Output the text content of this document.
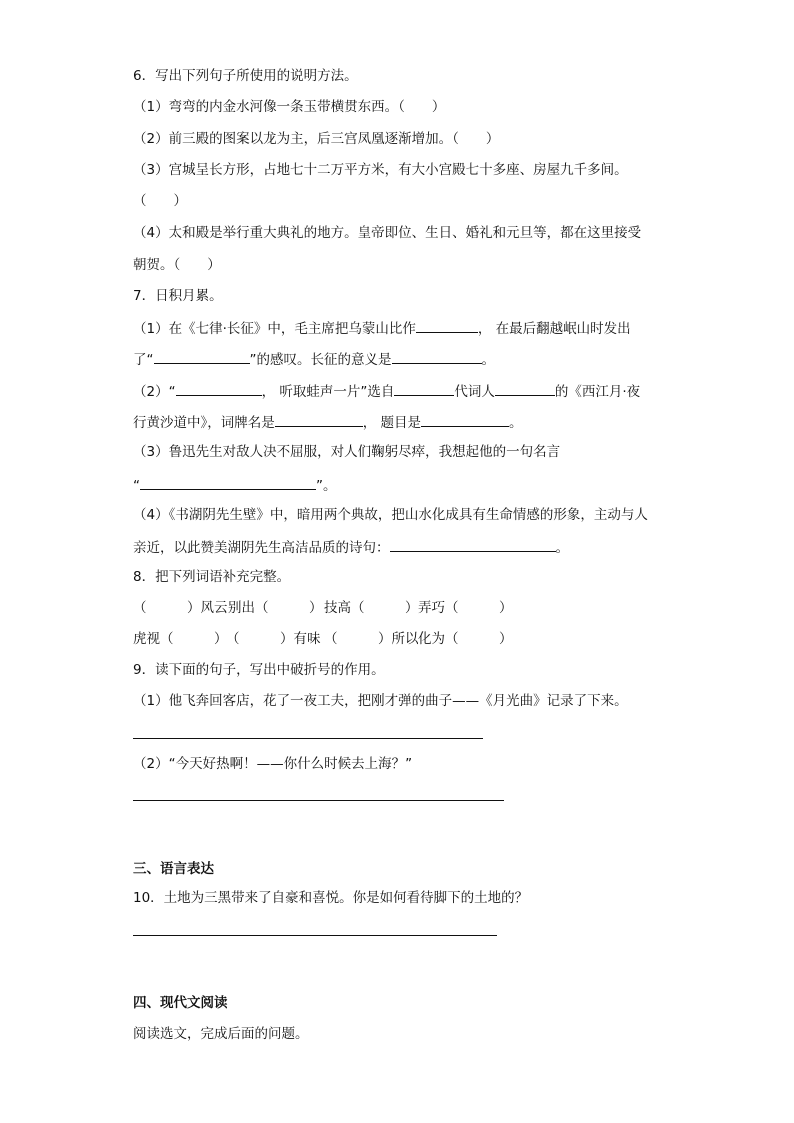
6．写出下列句子所使用的说明方法。
（1）弯弯的内金水河像一条玉带横贯东西。（　　）
（2）前三殿的图案以龙为主，后三宫凤凰逐渐增加。（　　）
（3）宫城呈长方形，占地七十二万平方米，有大小宫殿七十多座、房屋九千多间。
（　　）
（4）太和殿是举行重大典礼的地方。皇帝即位、生日、婚礼和元旦等，都在这里接受
朝贺。（　　）
7．日积月累。
（1）在《七律·长征》中，毛主席把乌蒙山比作	， 在最后翻越岷山时发出
了“	”的感叹。长征的意义是	。
（2）“	， 听取蛙声一片”选自	代词人	的《西江月·夜
行黄沙道中》，词牌名是	， 题目是	。
（3）鲁迅先生对敌人决不屈服，对人们鞠躬尽瘁，我想起他的一句名言
“	”。
（4）《书湖阴先生壁》中，暗用两个典故，把山水化成具有生命情感的形象，主动与人
亲近，以此赞美湖阴先生高洁品质的诗句：	。
8．把下列词语补充完整。
（　　　）风云 别出（　　　） 技高（　　　） 弄巧（　　　）
虎视（　　　）
（　　　）有味 （　　　）所以 化为（　　　）
9．读下面的句子，写出中破折号的作用。
（1）他飞奔回客店，花了一夜工夫，把刚才弹的曲子——《月光曲》记录了下来。
（2）“今天好热啊！——你什么时候去上海？”
三、语言表达
10．土地为三黑带来了自豪和喜悦。你是如何看待脚下的土地的？
四、现代文阅读
阅读选文，完成后面的问题。
